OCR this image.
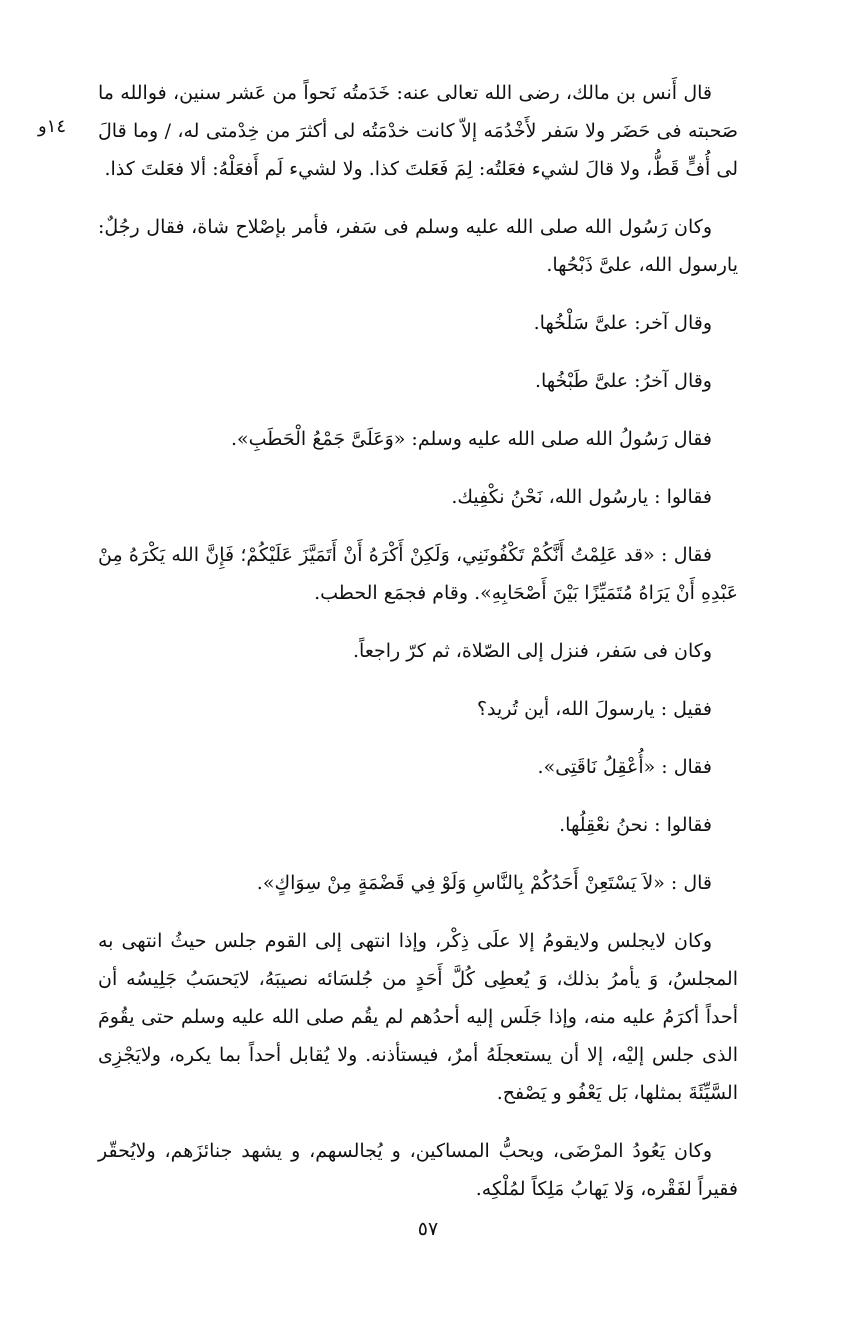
١٤و

قال أَنس بن مالك، رضى الله تعالى عنه: خَدَمتُه نَحواً من عَشر سنين، فوالله ما صَحبته فى حَضَر ولا سَفر لأَخْدُمَه إلاّ كانت خدْمَتُه لى أكثرَ من خِدْمتى له، / وما قالَ لى أُفٍّ قَطُّ، ولا قالَ لشيء فعَلتُه: لِمَ فَعَلتَ كذا. ولا لشيء لَم أَفعَلْهُ: ألا فعَلتَ كذا.

وكان رَسُول الله صلى الله عليه وسلم فى سَفر، فأمر بإصْلاح شاة، فقال رجُلٌ: يارسول الله، علىَّ ذَبْحُها.

وقال آخر: علىَّ سَلْخُها.

وقال آخرُ: علىَّ طَبْخُها.

فقال رَسُولُ الله صلى الله عليه وسلم: «وَعَلَىَّ جَمْعُ الْحَطَبِ».

فقالوا : يارسُول الله، نَحْنُ نكْفِيك.

فقال : «قد عَلِمْتُ أَنَّكُمْ تَكْفُونَنِي، وَلَكِنْ أَكْرَهُ أَنْ أَتَمَيَّزَ عَلَيْكُمْ؛ فَإِنَّ الله يَكْرَهُ مِنْ عَبْدِهِ أَنْ يَرَاهُ مُتَمَيِّزًا بَيْنَ أَصْحَابِهِ». وقام فجمَع الحطب.

وكان فى سَفر، فنزل إلى الصّلاة، ثم كرّ راجعاً.

فقيل : يارسولَ الله، أين تُريد؟

فقال : «أُعْقِلُ نَاقَتِى».

فقالوا : نحنُ نعْقِلُها.

قال : «لاَ يَسْتَعِنْ أَحَدُكُمْ بِالنَّاسِ وَلَوْ فِي قَضْمَةٍ مِنْ سِوَاكٍ».

وكان لايجلس ولايقومُ إلا علَى ذِكْر، وإذا انتهى إلى القوم جلس حيثُ انتهى به المجلسُ، وَ يأمرُ بذلك، وَ يُعطِى كُلَّ أَحَدٍ من جُلسَائه نصيبَهُ، لايَحسَبُ جَلِيسُه أن أحداً أكرَمُ عليه منه، وإذا جَلَس إليه أحدُهم لم يقُم صلى الله عليه وسلم حتى يقُومَ الذى جلس إليْه، إلا أن يستعجلَهُ أمرٌ، فيستأذنه. ولا يُقابل أحداً بما يكره، ولايَجْزِى السَّيِّئَةَ بمثلها، بَل يَعْفُو و يَصْفح.

وكان يَعُودُ المرْضَى، ويحبُّ المساكين، و يُجالسهم، و يشهد جنائزَهم، ولايُحقّر فقيراً لفَقْره، وَلا يَهابُ مَلِكاً لمُلْكِه.

٥٧
